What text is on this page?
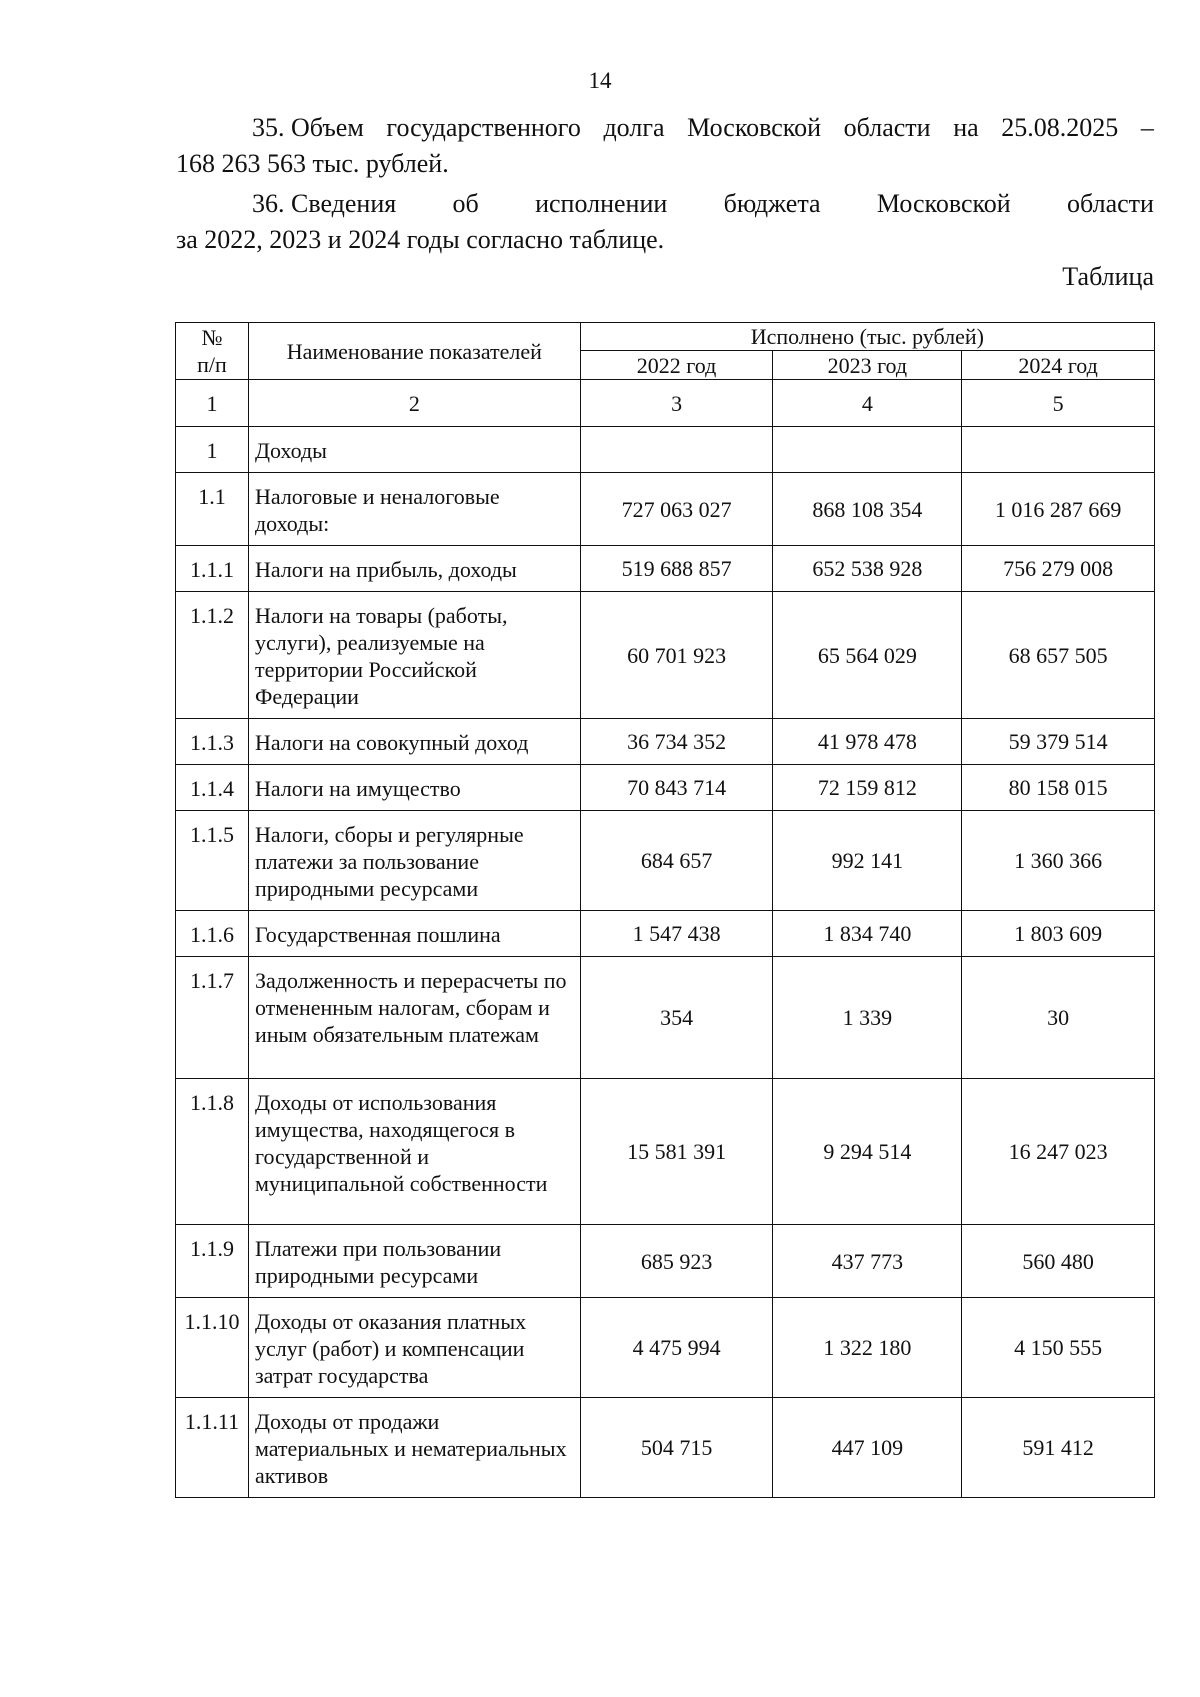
14
35. Объем государственного долга Московской области на 25.08.2025 –
168 263 563 тыс. рублей.
36. Сведения об исполнении бюджета Московской области
за 2022, 2023 и 2024 годы согласно таблице.
Таблица
№ п/п	Наименование показателей	Исполнено (тыс. рублей)		
		2022 год	2023 год	2024 год
1	2	3	4	5
1	Доходы			
1.1	Налоговые и неналоговые доходы:	727 063 027	868 108 354	1 016 287 669
1.1.1	Налоги на прибыль, доходы	519 688 857	652 538 928	756 279 008
1.1.2	Налоги на товары (работы, услуги), реализуемые на территории Российской Федерации	60 701 923	65 564 029	68 657 505
1.1.3	Налоги на совокупный доход	36 734 352	41 978 478	59 379 514
1.1.4	Налоги на имущество	70 843 714	72 159 812	80 158 015
1.1.5	Налоги, сборы и регулярные платежи за пользование природными ресурсами	684 657	992 141	1 360 366
1.1.6	Государственная пошлина	1 547 438	1 834 740	1 803 609
1.1.7	Задолженность и перерасчеты по отмененным налогам, сборам и иным обязательным платежам	354	1 339	30
1.1.8	Доходы от использования имущества, находящегося в государственной и муниципальной собственности	15 581 391	9 294 514	16 247 023
1.1.9	Платежи при пользовании природными ресурсами	685 923	437 773	560 480
1.1.10	Доходы от оказания платных услуг (работ) и компенсации затрат государства	4 475 994	1 322 180	4 150 555
1.1.11	Доходы от продажи материальных и нематериальных активов	504 715	447 109	591 412
